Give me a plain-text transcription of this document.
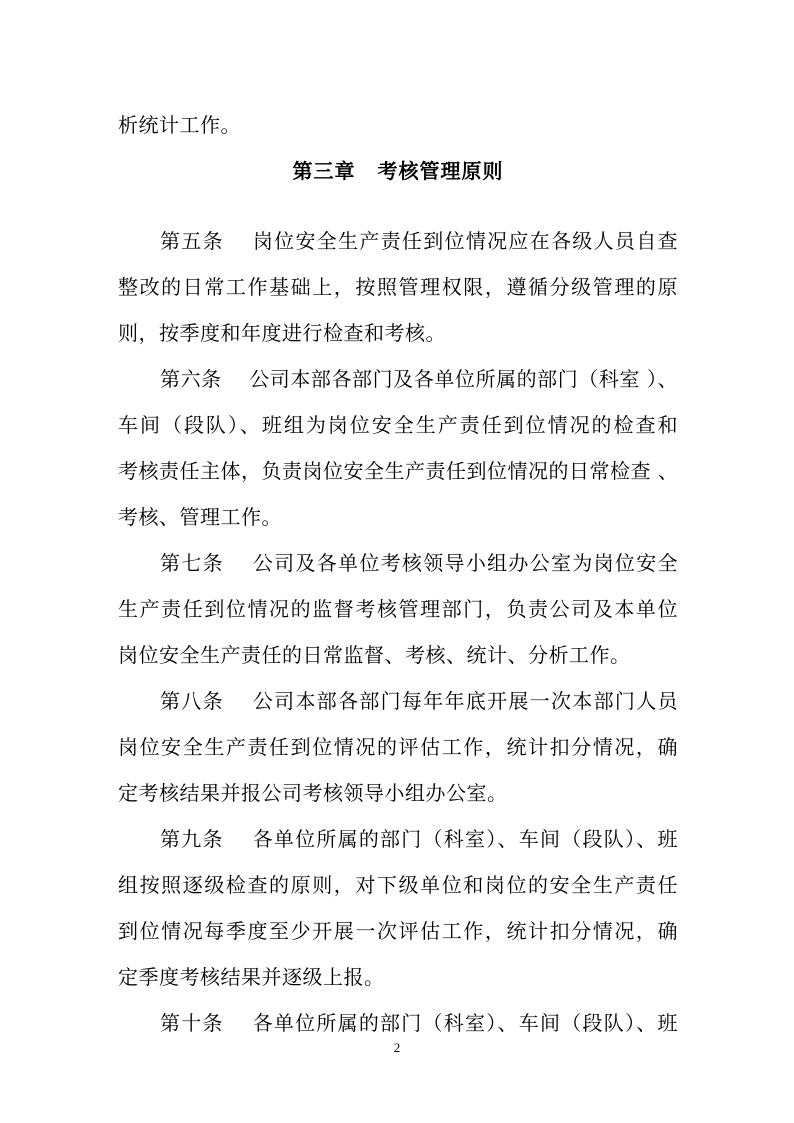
析统计工作。
第三章 考核管理原则
第五条　 岗位安全生产责任到位情况应在各级人员自查
整改的日常工作基础上，按照管理权限，遵循分级管理的原
则，按季度和年度进行检查和考核。
第六条　 公司本部各部门及各单位所属的部门（科室 ）、
车间（段队）、班组为岗位安全生产责任到位情况的检查和
考核责任主体，负责岗位安全生产责任到位情况的日常检查 、
考核、管理工作。
第七条　 公司及各单位考核领导小组办公室为岗位安全
生产责任到位情况的监督考核管理部门，负责公司及本单位
岗位安全生产责任的日常监督、考核、统计、分析工作。
第八条　 公司本部各部门每年年底开展一次本部门人员
岗位安全生产责任到位情况的评估工作，统计扣分情况，确
定考核结果并报公司考核领导小组办公室。
第九条　 各单位所属的部门（科室）、车间（段队）、班
组按照逐级检查的原则，对下级单位和岗位的安全生产责任
到位情况每季度至少开展一次评估工作，统计扣分情况，确
定季度考核结果并逐级上报。
第十条　 各单位所属的部门（科室）、车间（段队）、班
2
